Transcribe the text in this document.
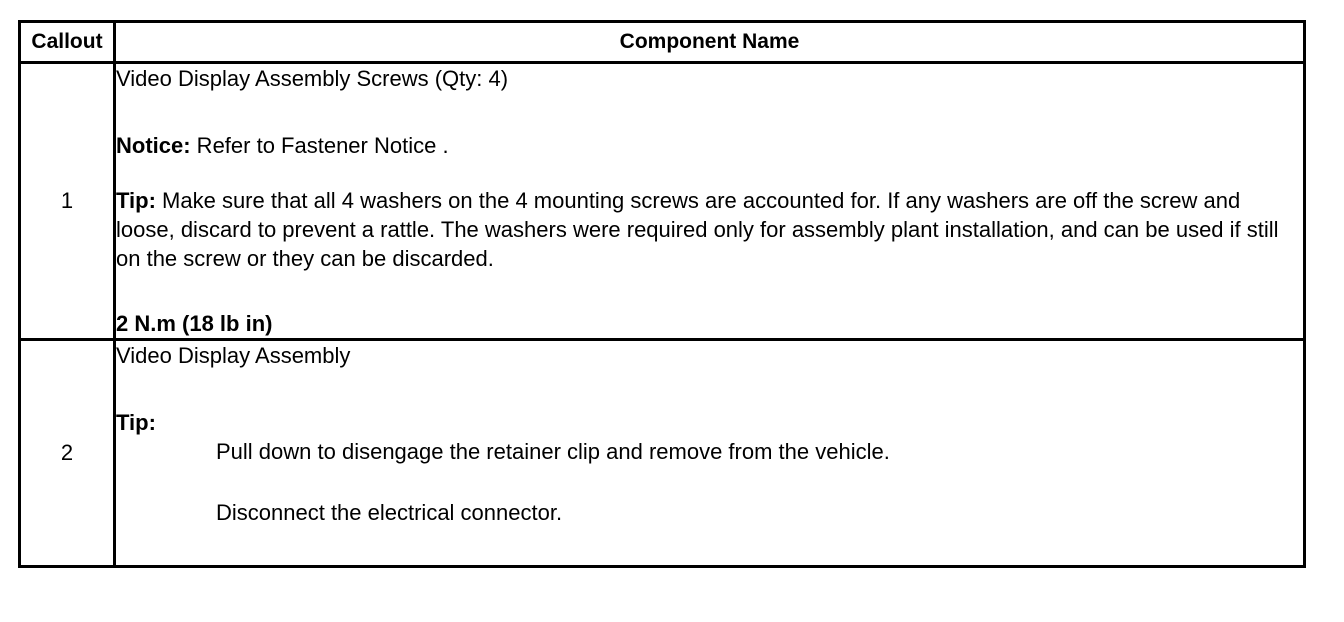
Callout	Component Name
1	Video Display Assembly Screws (Qty: 4)

Notice: Refer to Fastener Notice .

Tip: Make sure that all 4 washers on the 4 mounting screws are accounted for. If any washers are off the screw and loose, discard to prevent a rattle. The washers were required only for assembly plant installation, and can be used if still on the screw or they can be discarded.

2 N.m (18 lb in)

2	Video Display Assembly

Tip:

Pull down to disengage the retainer clip and remove from the vehicle.

Disconnect the electrical connector.
